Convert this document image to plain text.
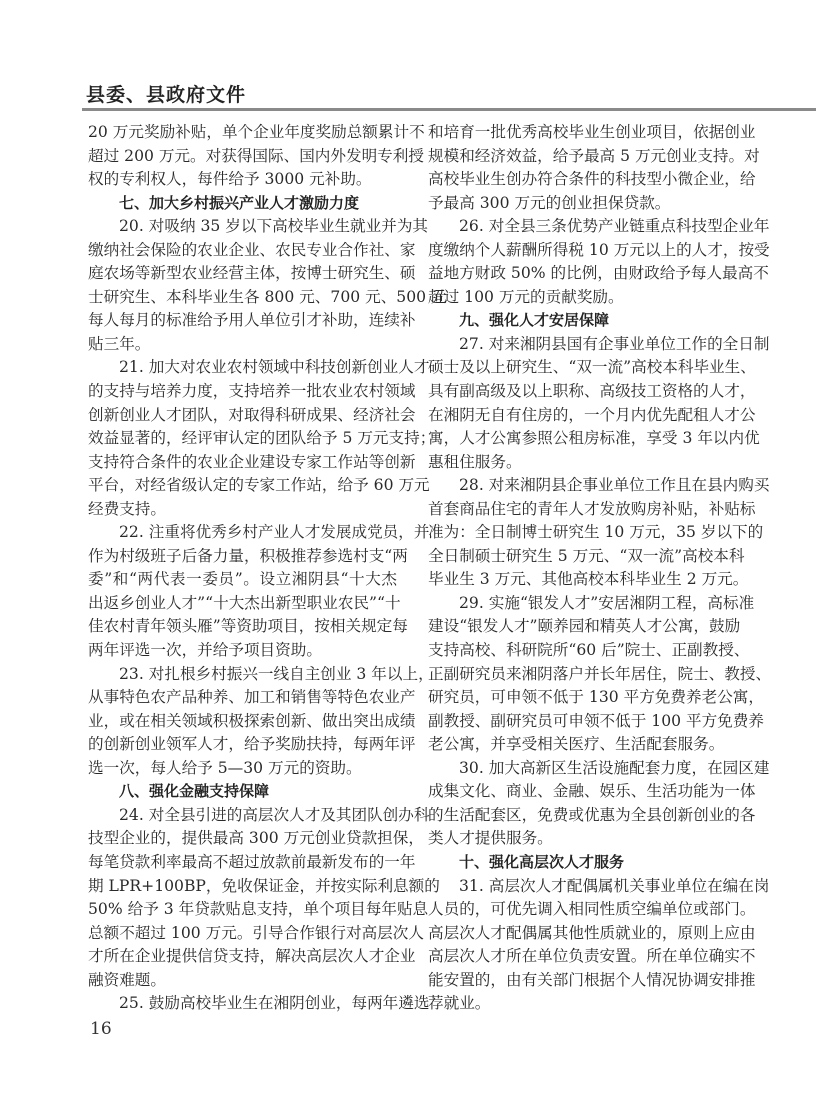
县委、县政府文件
20 万元奖励补贴，单个企业年度奖励总额累计不
超过 200 万元。对获得国际、国内外发明专利授
权的专利权人，每件给予 3000 元补助。
七、加大乡村振兴产业人才激励力度
20. 对吸纳 35 岁以下高校毕业生就业并为其
缴纳社会保险的农业企业、农民专业合作社、家
庭农场等新型农业经营主体，按博士研究生、硕
士研究生、本科毕业生各 800 元、700 元、500 元
每人每月的标准给予用人单位引才补助，连续补
贴三年。
21. 加大对农业农村领域中科技创新创业人才
的支持与培养力度，支持培养一批农业农村领域
创新创业人才团队，对取得科研成果、经济社会
效益显著的，经评审认定的团队给予 5 万元支持；
支持符合条件的农业企业建设专家工作站等创新
平台，对经省级认定的专家工作站，给予 60 万元
经费支持。
22. 注重将优秀乡村产业人才发展成党员，并
作为村级班子后备力量，积极推荐参选村支“两
委”和“两代表一委员”。设立湘阴县“十大杰
出返乡创业人才”“十大杰出新型职业农民”“十
佳农村青年领头雁”等资助项目，按相关规定每
两年评选一次，并给予项目资助。
23. 对扎根乡村振兴一线自主创业 3 年以上，
从事特色农产品种养、加工和销售等特色农业产
业，或在相关领域积极探索创新、做出突出成绩
的创新创业领军人才，给予奖励扶持，每两年评
选一次，每人给予 5—30 万元的资助。
八、强化金融支持保障
24. 对全县引进的高层次人才及其团队创办科
技型企业的，提供最高 300 万元创业贷款担保，
每笔贷款利率最高不超过放款前最新发布的一年
期 LPR+100BP，免收保证金，并按实际利息额的
50% 给予 3 年贷款贴息支持，单个项目每年贴息
总额不超过 100 万元。引导合作银行对高层次人
才所在企业提供信贷支持，解决高层次人才企业
融资难题。
25. 鼓励高校毕业生在湘阴创业，每两年遴选
和培育一批优秀高校毕业生创业项目，依据创业
规模和经济效益，给予最高 5 万元创业支持。对
高校毕业生创办符合条件的科技型小微企业，给
予最高 300 万元的创业担保贷款。
26. 对全县三条优势产业链重点科技型企业年
度缴纳个人薪酬所得税 10 万元以上的人才，按受
益地方财政 50% 的比例，由财政给予每人最高不
超过 100 万元的贡献奖励。
九、强化人才安居保障
27. 对来湘阴县国有企事业单位工作的全日制
硕士及以上研究生、“双一流”高校本科毕业生、
具有副高级及以上职称、高级技工资格的人才，
在湘阴无自有住房的，一个月内优先配租人才公
寓，人才公寓参照公租房标准，享受 3 年以内优
惠租住服务。
28. 对来湘阴县企事业单位工作且在县内购买
首套商品住宅的青年人才发放购房补贴，补贴标
准为：全日制博士研究生 10 万元，35 岁以下的
全日制硕士研究生 5 万元、“双一流”高校本科
毕业生 3 万元、其他高校本科毕业生 2 万元。
29. 实施“银发人才”安居湘阴工程，高标准
建设“银发人才”颐养园和精英人才公寓，鼓励
支持高校、科研院所“60 后”院士、正副教授、
正副研究员来湘阴落户并长年居住，院士、教授、
研究员，可申领不低于 130 平方免费养老公寓，
副教授、副研究员可申领不低于 100 平方免费养
老公寓，并享受相关医疗、生活配套服务。
30. 加大高新区生活设施配套力度，在园区建
成集文化、商业、金融、娱乐、生活功能为一体
的生活配套区，免费或优惠为全县创新创业的各
类人才提供服务。
十、强化高层次人才服务
31. 高层次人才配偶属机关事业单位在编在岗
人员的，可优先调入相同性质空编单位或部门。
高层次人才配偶属其他性质就业的，原则上应由
高层次人才所在单位负责安置。所在单位确实不
能安置的，由有关部门根据个人情况协调安排推
荐就业。
16
